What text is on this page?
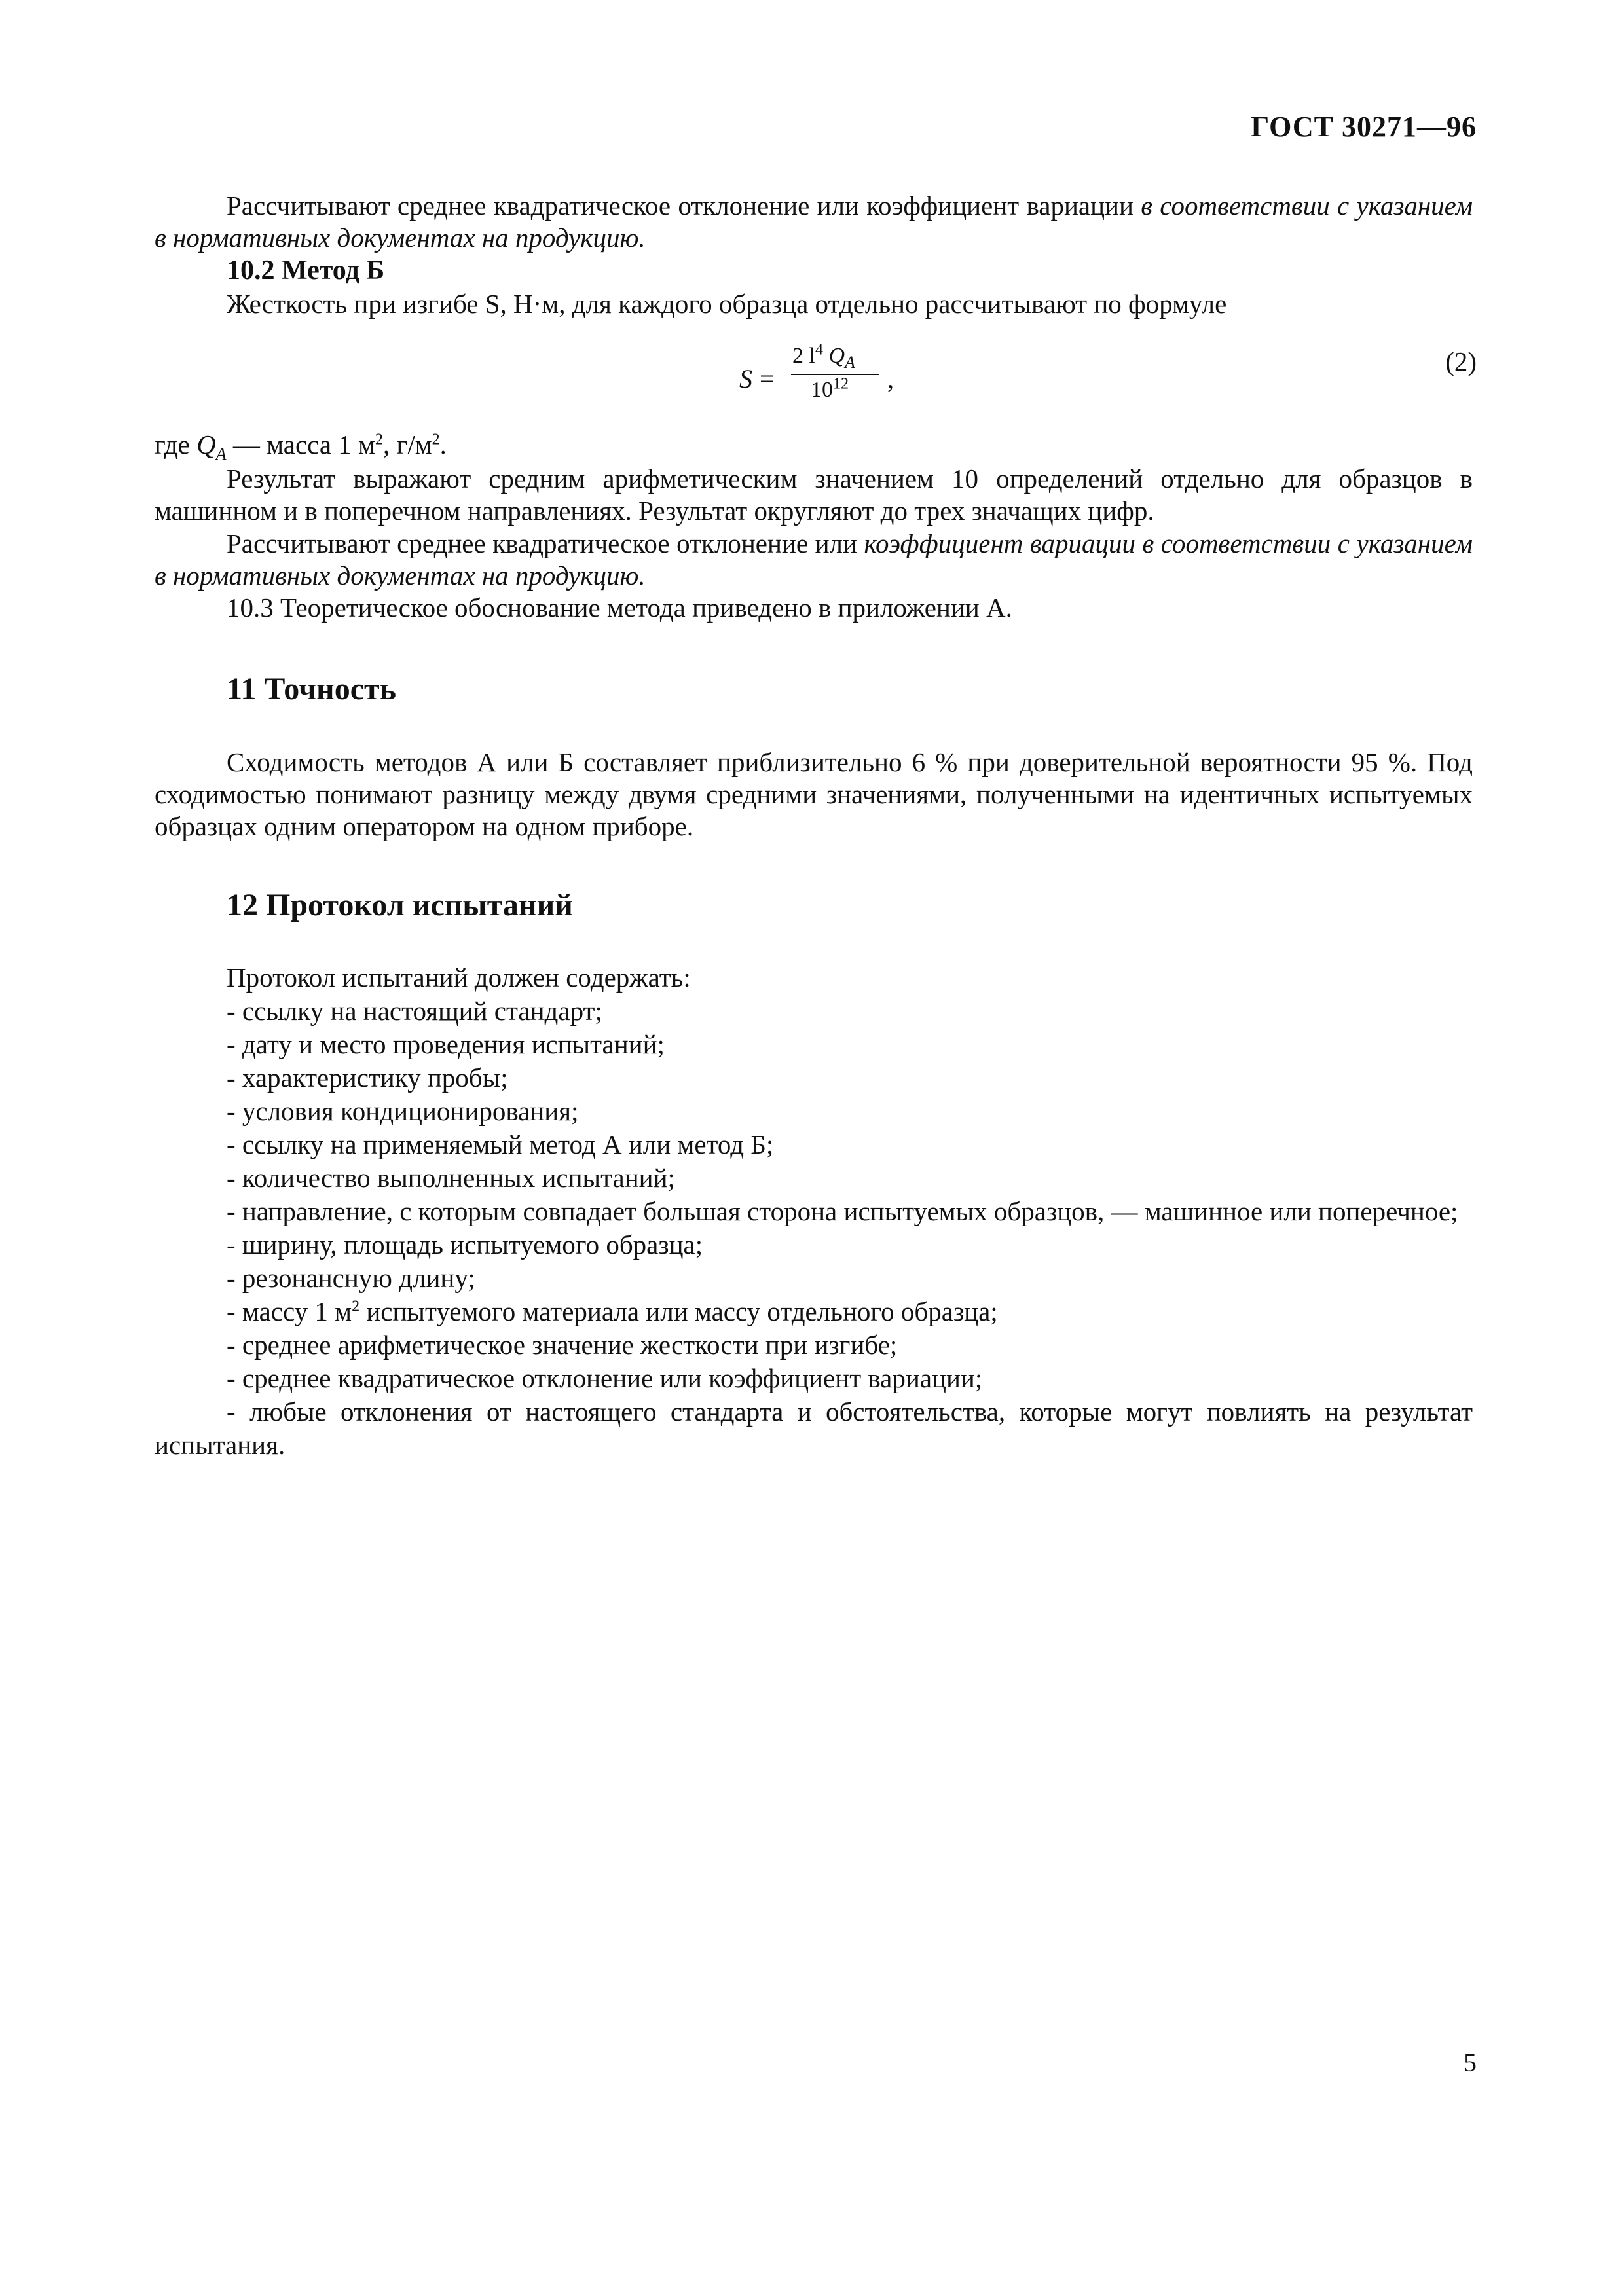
ГОСТ 30271—96
Рассчитывают среднее квадратическое отклонение или коэффициент вариации в соответствии с указанием в нормативных документах на продукцию.
10.2 Метод Б
Жесткость при изгибе S, Н·м, для каждого образца отдельно рассчитывают по формуле
S =
2 $l^4$ $Q_A$
$10^{12}$ ,
(2)
где $Q_A$ — масса 1 $м^2$, $г/м^2$.
Результат выражают средним арифметическим значением 10 определений отдельно для образцов в машинном и в поперечном направлениях. Результат округляют до трех значащих цифр.
Рассчитывают среднее квадратическое отклонение или коэффициент вариации в соответствии с указанием в нормативных документах на продукцию.
10.3 Теоретическое обоснование метода приведено в приложении А.
11 Точность
Сходимость методов А или Б составляет приблизительно 6 % при доверительной вероятности 95 %. Под сходимостью понимают разницу между двумя средними значениями, полученными на идентичных испытуемых образцах одним оператором на одном приборе.
12 Протокол испытаний
Протокол испытаний должен содержать:
- ссылку на настоящий стандарт;
- дату и место проведения испытаний;
- характеристику пробы;
- условия кондиционирования;
- ссылку на применяемый метод А или метод Б;
- количество выполненных испытаний;
- направление, с которым совпадает большая сторона испытуемых образцов, — машинное или поперечное;
- ширину, площадь испытуемого образца;
- резонансную длину;
- массу 1 $м^2$ испытуемого материала или массу отдельного образца;
- среднее арифметическое значение жесткости при изгибе;
- среднее квадратическое отклонение или коэффициент вариации;
- любые отклонения от настоящего стандарта и обстоятельства, которые могут повлиять на результат испытания.
5
